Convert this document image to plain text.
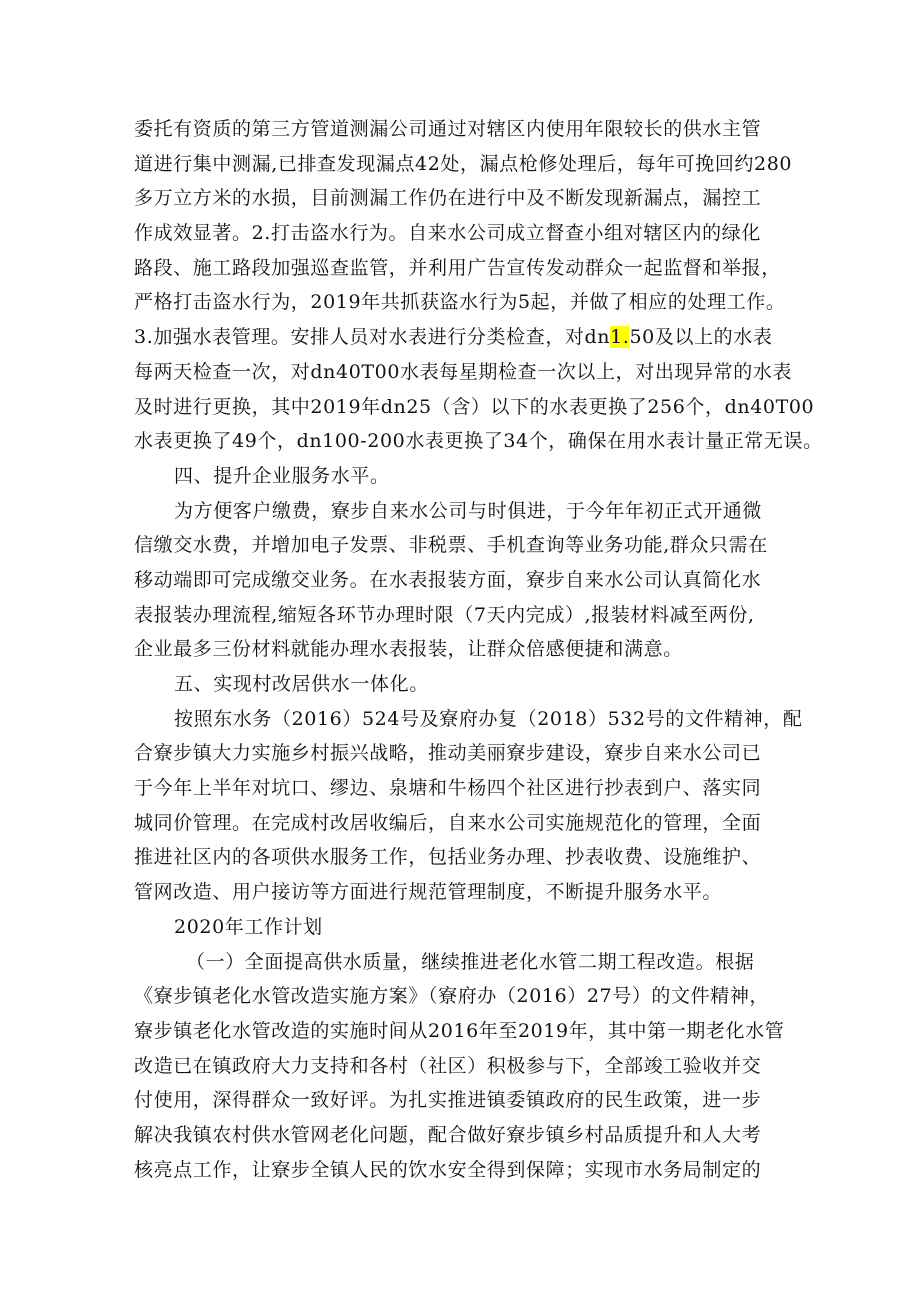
委托有资质的第三方管道测漏公司通过对辖区内使用年限较长的供水主管
道进行集中测漏,已排查发现漏点42处，漏点枪修处理后，每年可挽回约280
多万立方米的水损，目前测漏工作仍在进行中及不断发现新漏点，漏控工
作成效显著。2.打击盗水行为。自来水公司成立督查小组对辖区内的绿化
路段、施工路段加强巡查监管，并利用广告宣传发动群众一起监督和举报，
严格打击盗水行为，2019年共抓获盗水行为5起，并做了相应的处理工作。
3.加强水表管理。安排人员对水表进行分类检查，对dn1.50及以上的水表
每两天检查一次，对dn40T00水表每星期检查一次以上，对出现异常的水表
及时进行更换，其中2019年dn25（含）以下的水表更换了256个，dn40T00
水表更换了49个，dn100-200水表更换了34个，确保在用水表计量正常无误。
四、提升企业服务水平。
为方便客户缴费，寮步自来水公司与时俱进，于今年年初正式开通微
信缴交水费，并增加电子发票、非税票、手机查询等业务功能,群众只需在
移动端即可完成缴交业务。在水表报装方面，寮步自来水公司认真简化水
表报装办理流程,缩短各环节办理时限（7天内完成）,报装材料减至两份,
企业最多三份材料就能办理水表报装，让群众倍感便捷和满意。
五、实现村改居供水一体化。
按照东水务（2016）524号及寮府办复（2018）532号的文件精神，配
合寮步镇大力实施乡村振兴战略，推动美丽寮步建设，寮步自来水公司已
于今年上半年对坑口、缪边、泉塘和牛杨四个社区进行抄表到户、落实同
城同价管理。在完成村改居收编后，自来水公司实施规范化的管理，全面
推进社区内的各项供水服务工作，包括业务办理、抄表收费、设施维护、
管网改造、用户接访等方面进行规范管理制度，不断提升服务水平。
2020年工作计划
（一）全面提高供水质量，继续推进老化水管二期工程改造。根据
《寮步镇老化水管改造实施方案》（寮府办（2016）27号）的文件精神，
寮步镇老化水管改造的实施时间从2016年至2019年，其中第一期老化水管
改造已在镇政府大力支持和各村（社区）积极参与下，全部竣工验收并交
付使用，深得群众一致好评。为扎实推进镇委镇政府的民生政策，进一步
解决我镇农村供水管网老化问题，配合做好寮步镇乡村品质提升和人大考
核亮点工作，让寮步全镇人民的饮水安全得到保障；实现市水务局制定的
